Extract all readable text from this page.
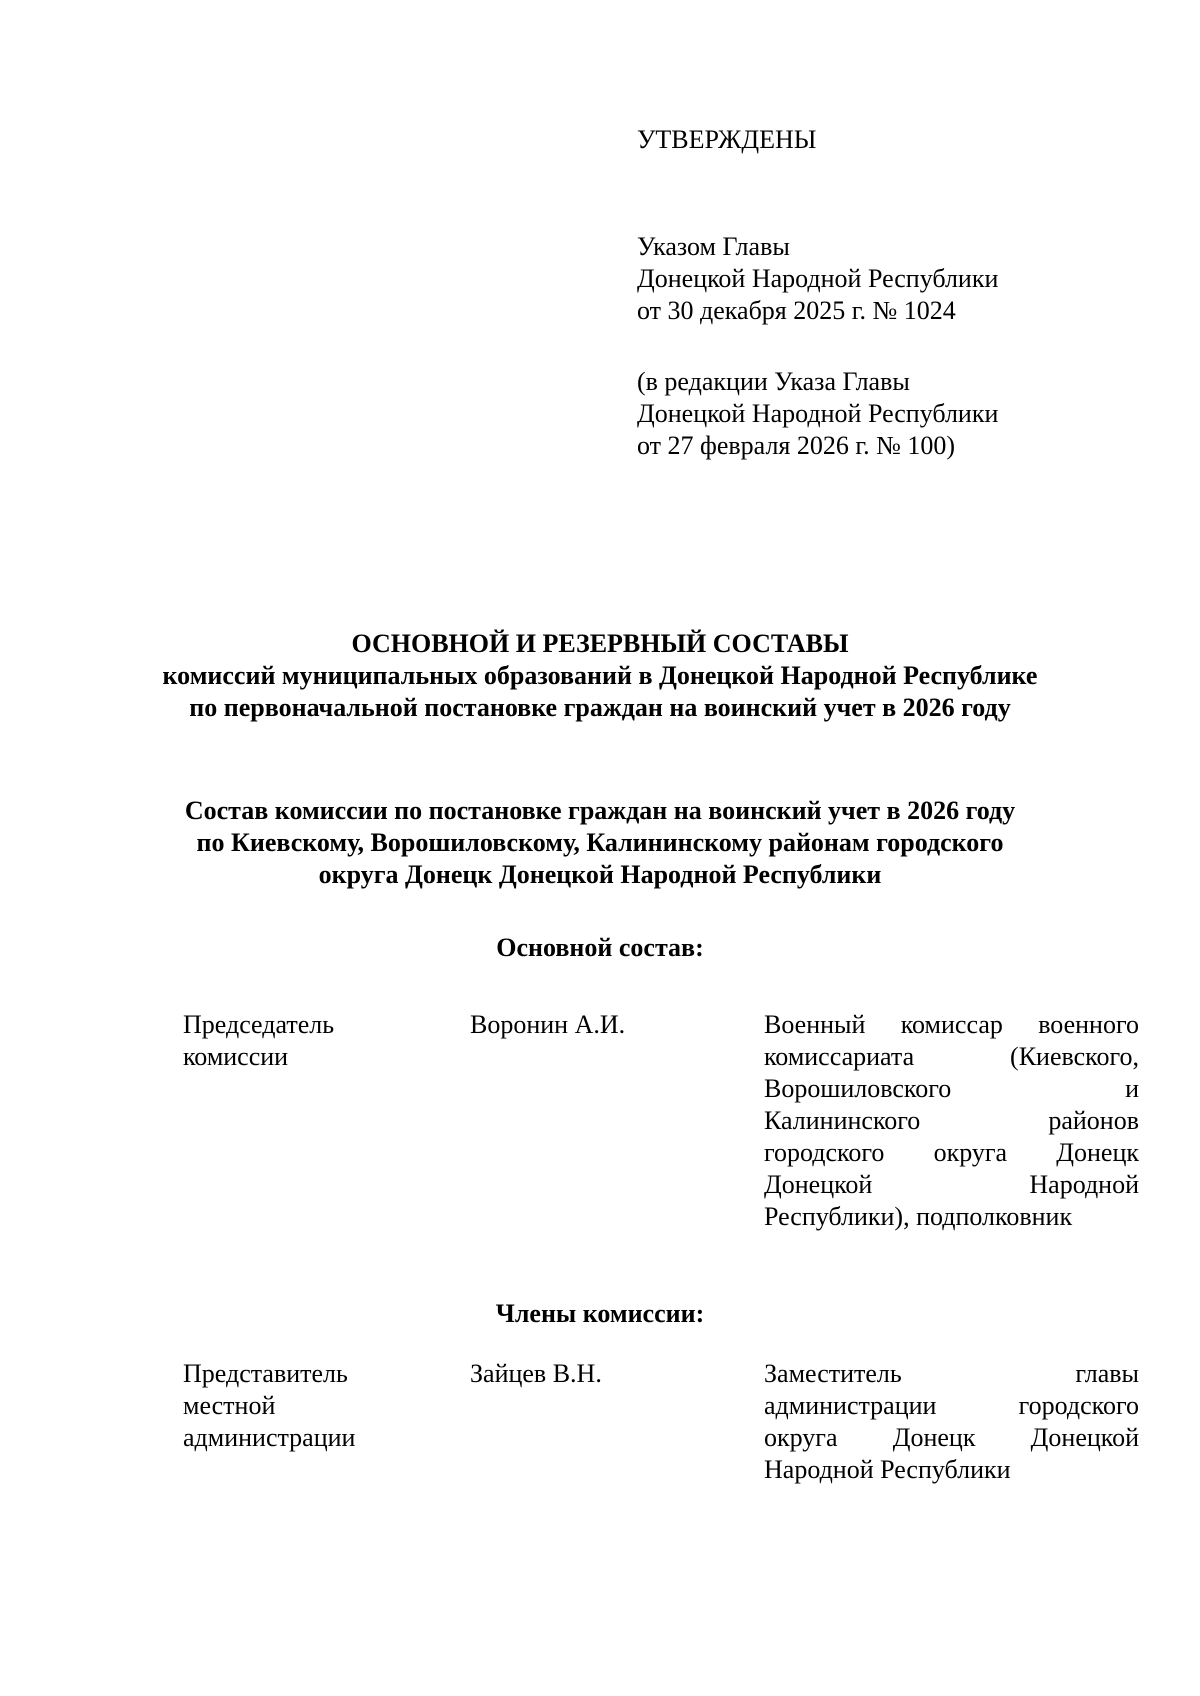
УТВЕРЖДЕНЫ
Указом Главы
Донецкой Народной Республики
от 30 декабря 2025 г. № 1024
(в редакции Указа Главы
Донецкой Народной Республики
от 27 февраля 2026 г. № 100)
ОСНОВНОЙ И РЕЗЕРВНЫЙ СОСТАВЫ
комиссий муниципальных образований в Донецкой Народной Республике
по первоначальной постановке граждан на воинский учет в 2026 году
Состав комиссии по постановке граждан на воинский учет в 2026 году
по Киевскому, Ворошиловскому, Калининскому районам городского
округа Донецк Донецкой Народной Республики
Основной состав:
Председатель
комиссии
Воронин А.И.	Военный комиссар военного
комиссариата (Киевского,
Ворошиловского и
Калининского районов
городского округа Донецк
Донецкой Народной
Республики), подполковник
Члены комиссии:
Представитель
местной
администрации
Зайцев В.Н.	Заместитель главы
администрации городского
округа Донецк Донецкой
Народной Республики
